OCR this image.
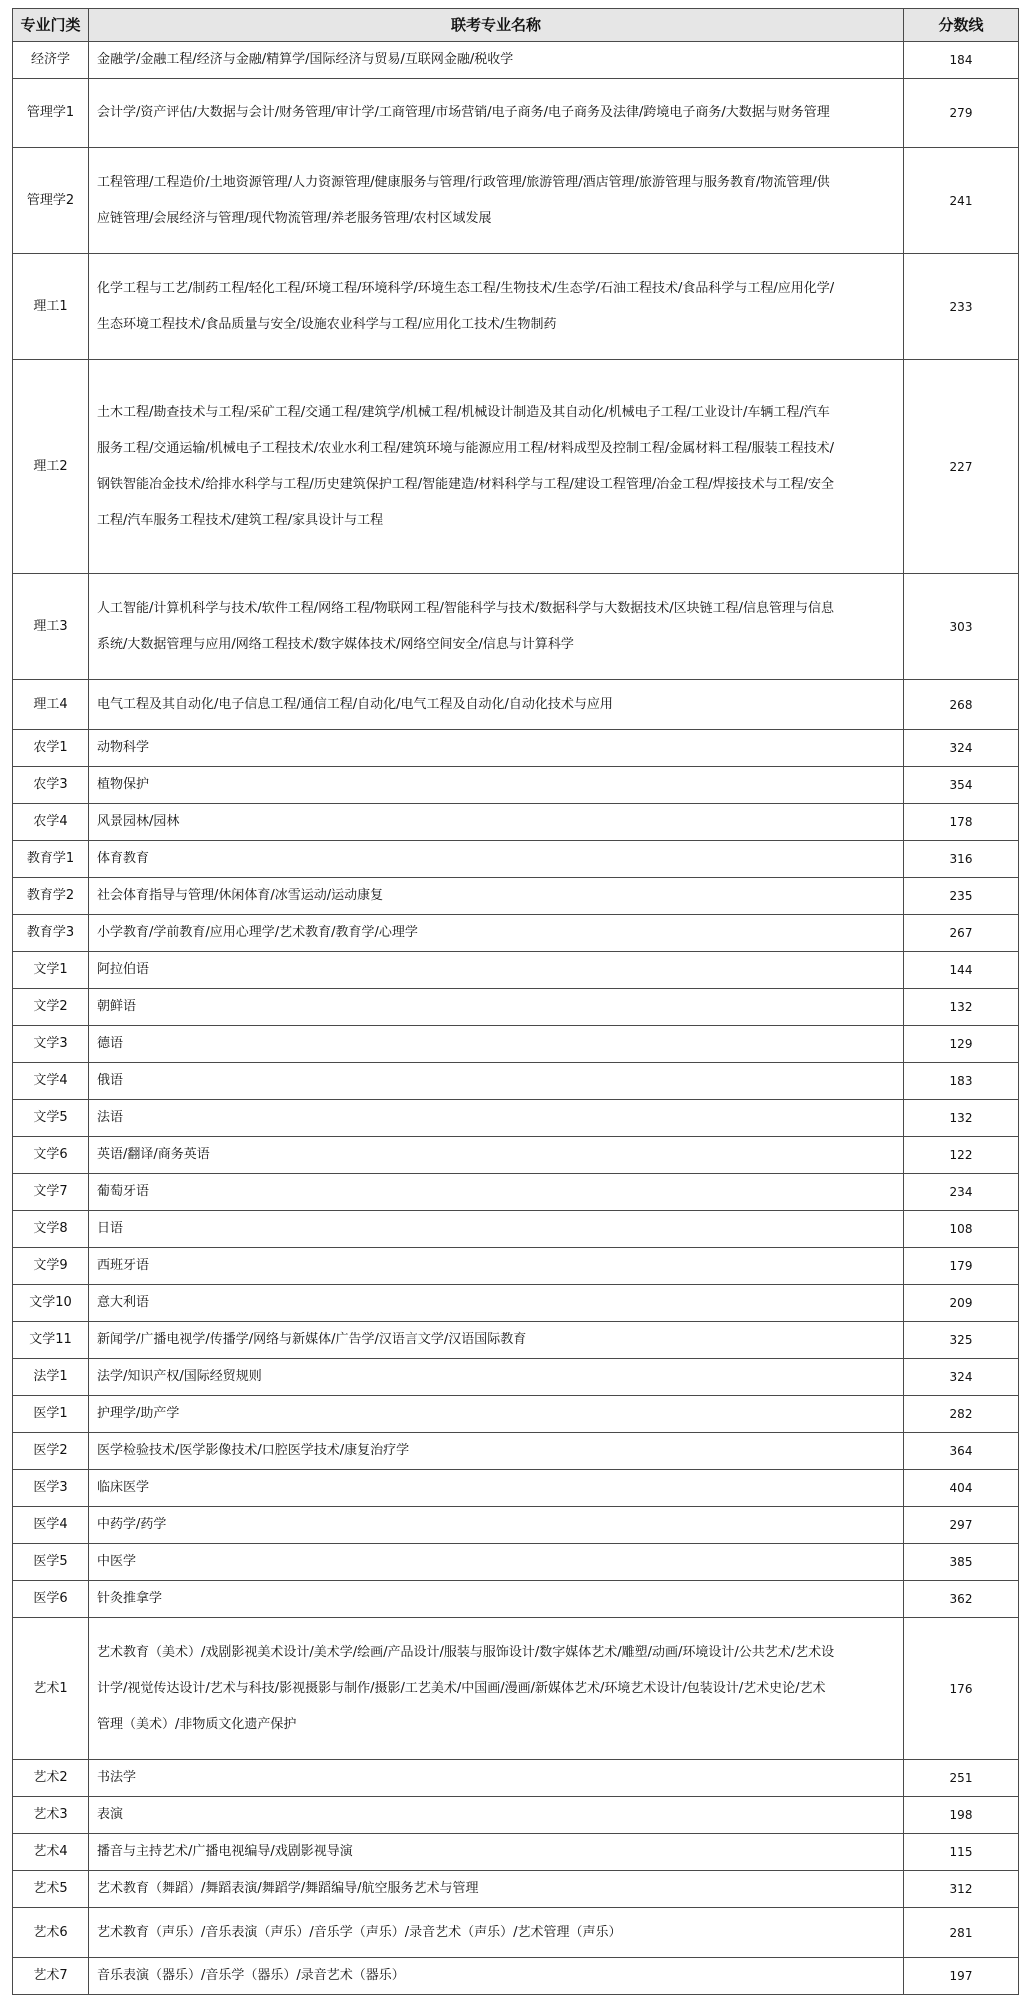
专业门类	联考专业名称	分数线
经济学	金融学/金融工程/经济与金融/精算学/国际经济与贸易/互联网金融/税收学	184
管理学1	会计学/资产评估/大数据与会计/财务管理/审计学/工商管理/市场营销/电子商务/电子商务及法律/跨境电子商务/大数据与财务管理	279
管理学2	工程管理/工程造价/土地资源管理/人力资源管理/健康服务与管理/行政管理/旅游管理/酒店管理/旅游管理与服务教育/物流管理/供
应链管理/会展经济与管理/现代物流管理/养老服务管理/农村区域发展	241
理工1	化学工程与工艺/制药工程/轻化工程/环境工程/环境科学/环境生态工程/生物技术/生态学/石油工程技术/食品科学与工程/应用化学/
生态环境工程技术/食品质量与安全/设施农业科学与工程/应用化工技术/生物制药	233
理工2	土木工程/勘查技术与工程/采矿工程/交通工程/建筑学/机械工程/机械设计制造及其自动化/机械电子工程/工业设计/车辆工程/汽车
服务工程/交通运输/机械电子工程技术/农业水利工程/建筑环境与能源应用工程/材料成型及控制工程/金属材料工程/服装工程技术/
钢铁智能冶金技术/给排水科学与工程/历史建筑保护工程/智能建造/材料科学与工程/建设工程管理/冶金工程/焊接技术与工程/安全
工程/汽车服务工程技术/建筑工程/家具设计与工程	227
理工3	人工智能/计算机科学与技术/软件工程/网络工程/物联网工程/智能科学与技术/数据科学与大数据技术/区块链工程/信息管理与信息
系统/大数据管理与应用/网络工程技术/数字媒体技术/网络空间安全/信息与计算科学	303
理工4	电气工程及其自动化/电子信息工程/通信工程/自动化/电气工程及自动化/自动化技术与应用	268
农学1	动物科学	324
农学3	植物保护	354
农学4	风景园林/园林	178
教育学1	体育教育	316
教育学2	社会体育指导与管理/休闲体育/冰雪运动/运动康复	235
教育学3	小学教育/学前教育/应用心理学/艺术教育/教育学/心理学	267
文学1	阿拉伯语	144
文学2	朝鲜语	132
文学3	德语	129
文学4	俄语	183
文学5	法语	132
文学6	英语/翻译/商务英语	122
文学7	葡萄牙语	234
文学8	日语	108
文学9	西班牙语	179
文学10	意大利语	209
文学11	新闻学/广播电视学/传播学/网络与新媒体/广告学/汉语言文学/汉语国际教育	325
法学1	法学/知识产权/国际经贸规则	324
医学1	护理学/助产学	282
医学2	医学检验技术/医学影像技术/口腔医学技术/康复治疗学	364
医学3	临床医学	404
医学4	中药学/药学	297
医学5	中医学	385
医学6	针灸推拿学	362
艺术1	艺术教育（美术）/戏剧影视美术设计/美术学/绘画/产品设计/服装与服饰设计/数字媒体艺术/雕塑/动画/环境设计/公共艺术/艺术设
计学/视觉传达设计/艺术与科技/影视摄影与制作/摄影/工艺美术/中国画/漫画/新媒体艺术/环境艺术设计/包装设计/艺术史论/艺术
管理（美术）/非物质文化遗产保护	176
艺术2	书法学	251
艺术3	表演	198
艺术4	播音与主持艺术/广播电视编导/戏剧影视导演	115
艺术5	艺术教育（舞蹈）/舞蹈表演/舞蹈学/舞蹈编导/航空服务艺术与管理	312
艺术6	艺术教育（声乐）/音乐表演（声乐）/音乐学（声乐）/录音艺术（声乐）/艺术管理（声乐）	281
艺术7	音乐表演（器乐）/音乐学（器乐）/录音艺术（器乐）	197
